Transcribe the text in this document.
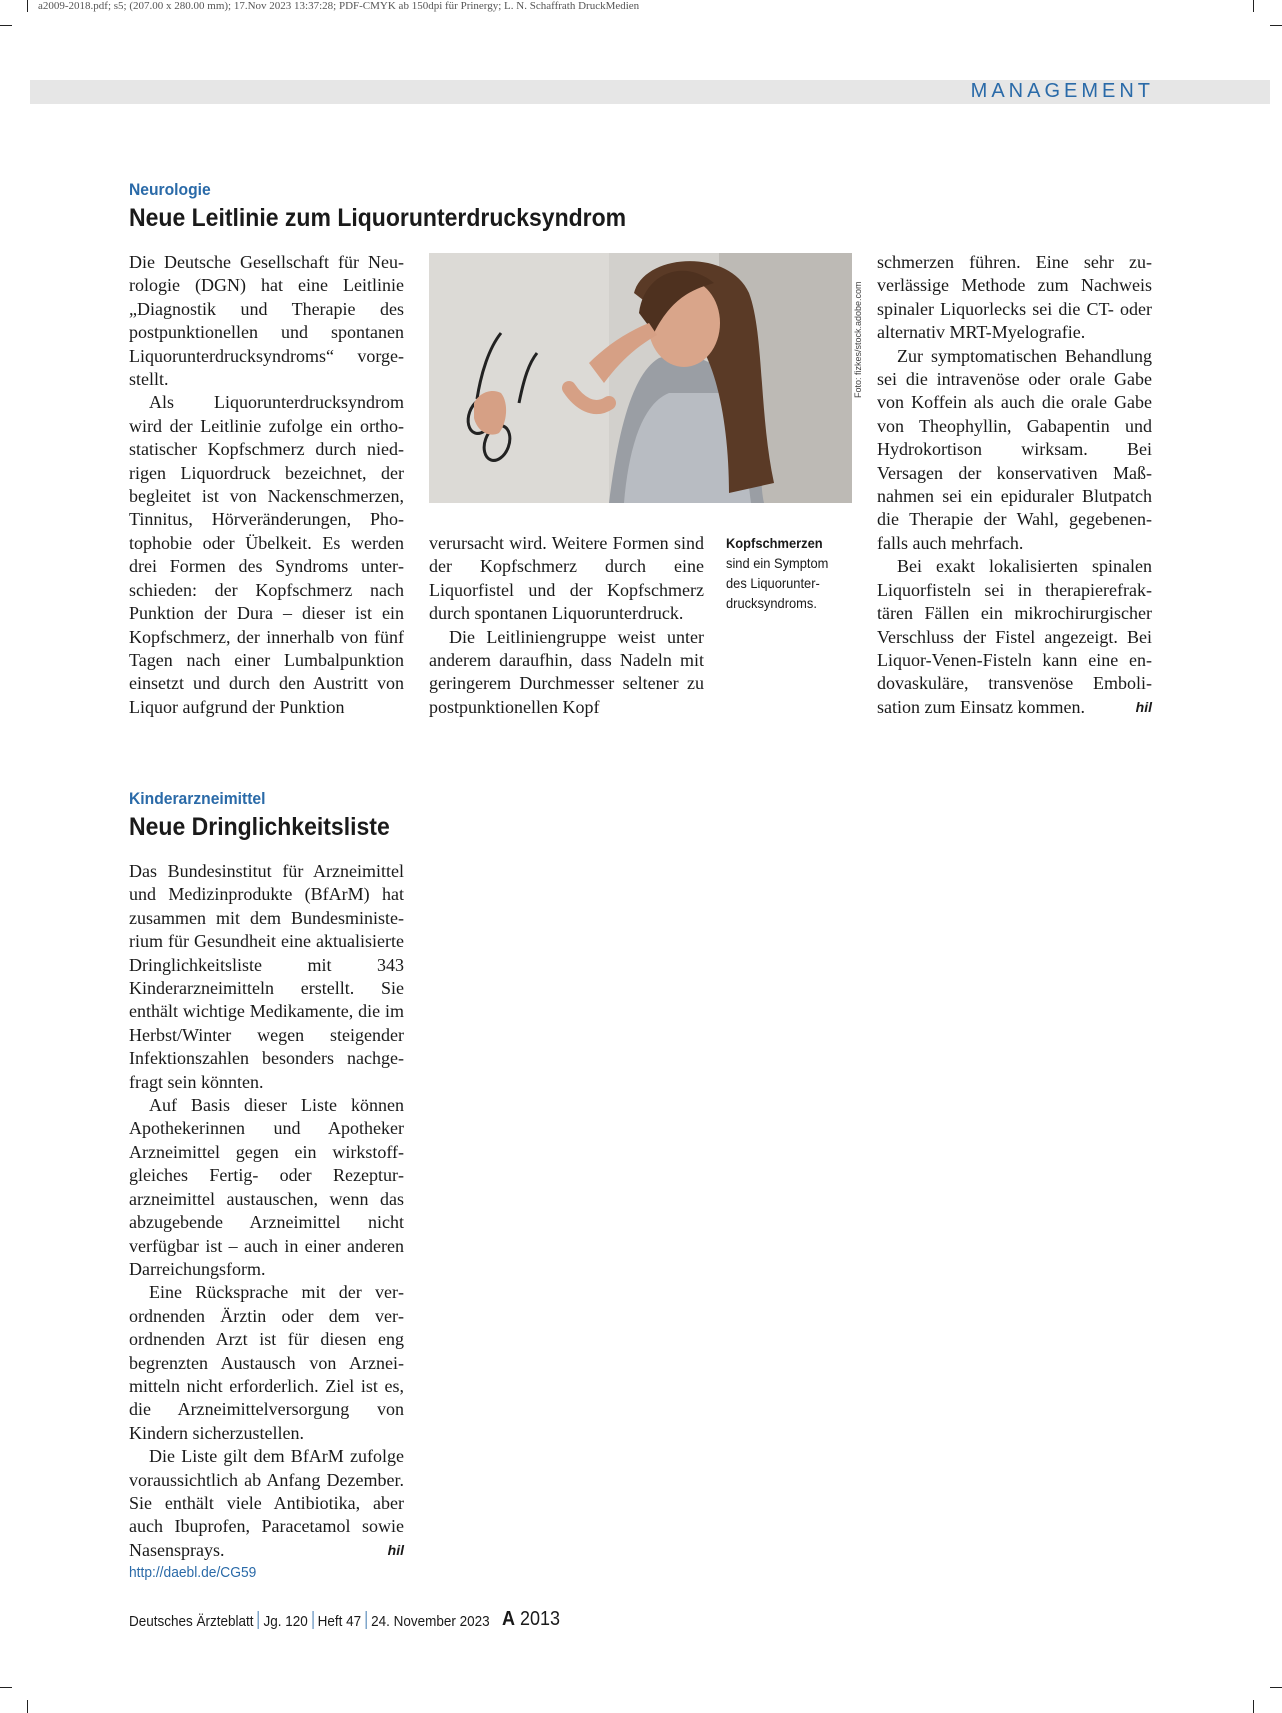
a2009-2018.pdf; s5; (207.00 x 280.00 mm); 17.Nov 2023 13:37:28; PDF-CMYK ab 150dpi für Prinergy; L. N. Schaffrath DruckMedien
MANAGEMENT
Neurologie
Neue Leitlinie zum Liquorunterdrucksyndrom

Die Deutsche Gesellschaft für Neurologie (DGN) hat eine Leitlinie „Diagnostik und Therapie des postpunktionellen und spontanen Liquorunterdrucksyndroms“ vorgestellt.

Als Liquorunterdrucksyndrom wird der Leitlinie zufolge ein orthostatischer Kopfschmerz durch niedrigen Liquordruck bezeichnet, der begleitet ist von Nackenschmerzen, Tinnitus, Hörveränderungen, Photophobie oder Übelkeit. Es werden drei Formen des Syndroms unterschieden: der Kopfschmerz nach Punktion der Dura – dieser ist ein Kopfschmerz, der innerhalb von fünf Tagen nach einer Lumbalpunktion einsetzt und durch den Austritt von Liquor aufgrund der Punktion

Foto: fizkes/stock.adobe.com

verursacht wird. Weitere Formen sind der Kopfschmerz durch eine Liquorfistel und der Kopfschmerz durch spontanen Liquorunterdruck.

Die Leitliniengruppe weist unter anderem daraufhin, dass Nadeln mit geringerem Durchmesser seltener zu postpunktionellen Kopf

Kopfschmerzen
sind ein Symptom des Liquorunterdrucksyndroms.

schmerzen führen. Eine sehr zuverlässige Methode zum Nachweis spinaler Liquorlecks sei die CT- oder alternativ MRT-Myelografie.

Zur symptomatischen Behandlung sei die intravenöse oder orale Gabe von Koffein als auch die orale Gabe von Theophyllin, Gabapentin und Hydrokortison wirksam. Bei Versagen der konservativen Maßnahmen sei ein epiduraler Blutpatch die Therapie der Wahl, gegebenenfalls auch mehrfach.

Bei exakt lokalisierten spinalen Liquorfisteln sei in therapierefraktären Fällen ein mikrochirurgischer Verschluss der Fistel angezeigt. Bei Liquor-Venen-Fisteln kann eine endovaskuläre, transvenöse Embolisation zum Einsatz kommen.	hil

Kinderarzneimittel
Neue Dringlichkeitsliste

Das Bundesinstitut für Arzneimittel und Medizinprodukte (BfArM) hat zusammen mit dem Bundesministerium für Gesundheit eine aktualisierte Dringlichkeitsliste mit 343 Kinderarzneimitteln erstellt. Sie enthält wichtige Medikamente, die im Herbst/Winter wegen steigender Infektionszahlen besonders nachgefragt sein könnten.

Auf Basis dieser Liste können Apothekerinnen und Apotheker Arzneimittel gegen ein wirkstoffgleiches Fertig- oder Rezepturarzneimittel austauschen, wenn das abzugebende Arzneimittel nicht verfügbar ist – auch in einer anderen Darreichungsform.

Eine Rücksprache mit der verordnenden Ärztin oder dem verordnenden Arzt ist für diesen eng begrenzten Austausch von Arzneimitteln nicht erforderlich. Ziel ist es, die Arzneimittelversorgung von Kindern sicherzustellen.

Die Liste gilt dem BfArM zufolge voraussichtlich ab Anfang Dezember. Sie enthält viele Antibiotika, aber auch Ibuprofen, Paracetamol sowie Nasensprays.	hil

http://daebl.de/CG59
Deutsches Ärzteblatt Jg. 120 Heft 47 24. November 2023 A 2013
